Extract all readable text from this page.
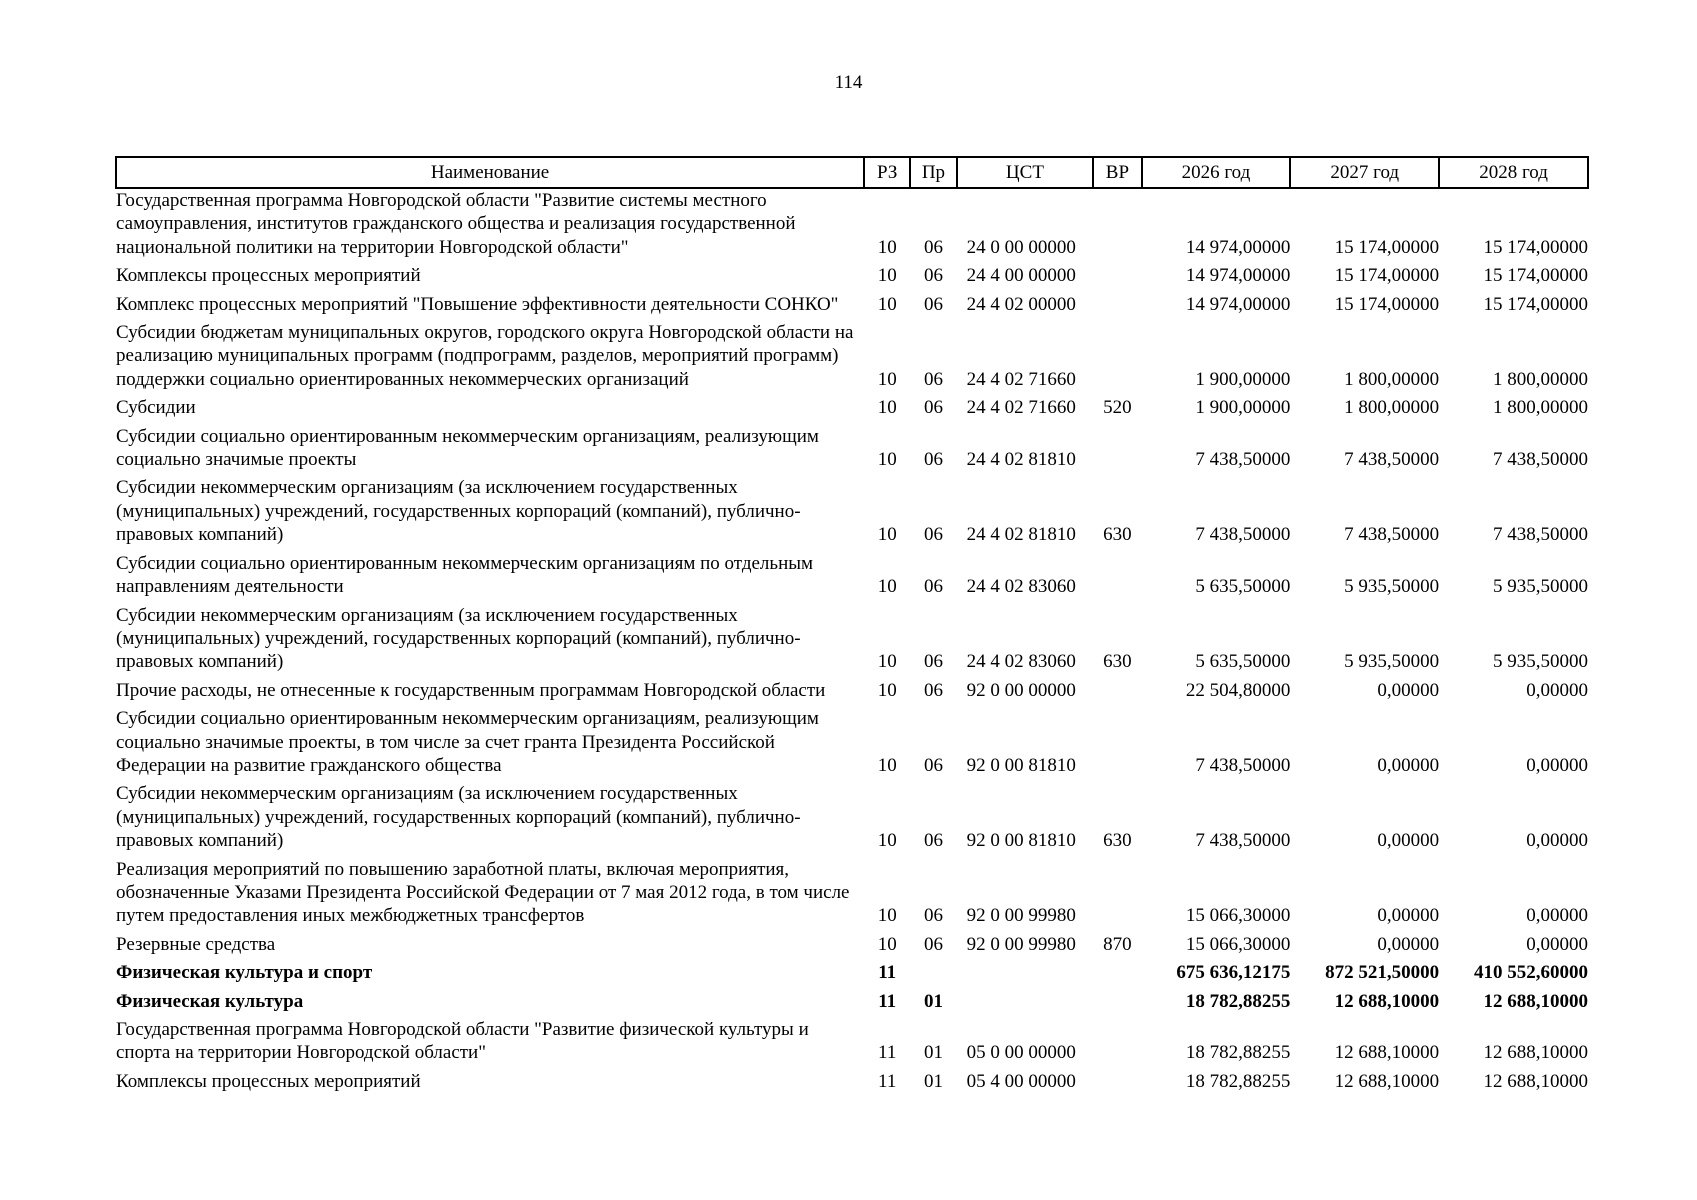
114
Наименование	РЗ	Пр	ЦСТ	ВР	2026 год	2027 год	2028 год
Государственная программа Новгородской области "Развитие системы местного самоуправления, институтов гражданского общества и реализация государственной национальной политики на территории Новгородской области"	10	06	24 0 00 00000		14 974,00000	15 174,00000	15 174,00000
Комплексы процессных мероприятий	10	06	24 4 00 00000		14 974,00000	15 174,00000	15 174,00000
Комплекс процессных мероприятий "Повышение эффективности деятельности СОНКО"	10	06	24 4 02 00000		14 974,00000	15 174,00000	15 174,00000
Субсидии бюджетам муниципальных округов, городского округа Новгородской области на реализацию муниципальных программ (подпрограмм, разделов, мероприятий программ) поддержки социально ориентированных некоммерческих организаций	10	06	24 4 02 71660		1 900,00000	1 800,00000	1 800,00000
Субсидии	10	06	24 4 02 71660	520	1 900,00000	1 800,00000	1 800,00000
Субсидии социально ориентированным некоммерческим организациям, реализующим социально значимые проекты	10	06	24 4 02 81810		7 438,50000	7 438,50000	7 438,50000
Субсидии некоммерческим организациям (за исключением государственных (муниципальных) учреждений, государственных корпораций (компаний), публично-правовых компаний)	10	06	24 4 02 81810	630	7 438,50000	7 438,50000	7 438,50000
Субсидии социально ориентированным некоммерческим организациям по отдельным направлениям деятельности	10	06	24 4 02 83060		5 635,50000	5 935,50000	5 935,50000
Субсидии некоммерческим организациям (за исключением государственных (муниципальных) учреждений, государственных корпораций (компаний), публично-правовых компаний)	10	06	24 4 02 83060	630	5 635,50000	5 935,50000	5 935,50000
Прочие расходы, не отнесенные к государственным программам Новгородской области	10	06	92 0 00 00000		22 504,80000	0,00000	0,00000
Субсидии социально ориентированным некоммерческим организациям, реализующим социально значимые проекты, в том числе за счет гранта Президента Российской Федерации на развитие гражданского общества	10	06	92 0 00 81810		7 438,50000	0,00000	0,00000
Субсидии некоммерческим организациям (за исключением государственных (муниципальных) учреждений, государственных корпораций (компаний), публично-правовых компаний)	10	06	92 0 00 81810	630	7 438,50000	0,00000	0,00000
Реализация мероприятий по повышению заработной платы, включая мероприятия, обозначенные Указами Президента Российской Федерации от 7 мая 2012 года, в том числе путем предоставления иных межбюджетных трансфертов	10	06	92 0 00 99980		15 066,30000	0,00000	0,00000
Резервные средства	10	06	92 0 00 99980	870	15 066,30000	0,00000	0,00000
Физическая культура и спорт	11				675 636,12175	872 521,50000	410 552,60000
Физическая культура	11	01			18 782,88255	12 688,10000	12 688,10000
Государственная программа Новгородской области "Развитие физической культуры и спорта на территории Новгородской области"	11	01	05 0 00 00000		18 782,88255	12 688,10000	12 688,10000
Комплексы процессных мероприятий	11	01	05 4 00 00000		18 782,88255	12 688,10000	12 688,10000
